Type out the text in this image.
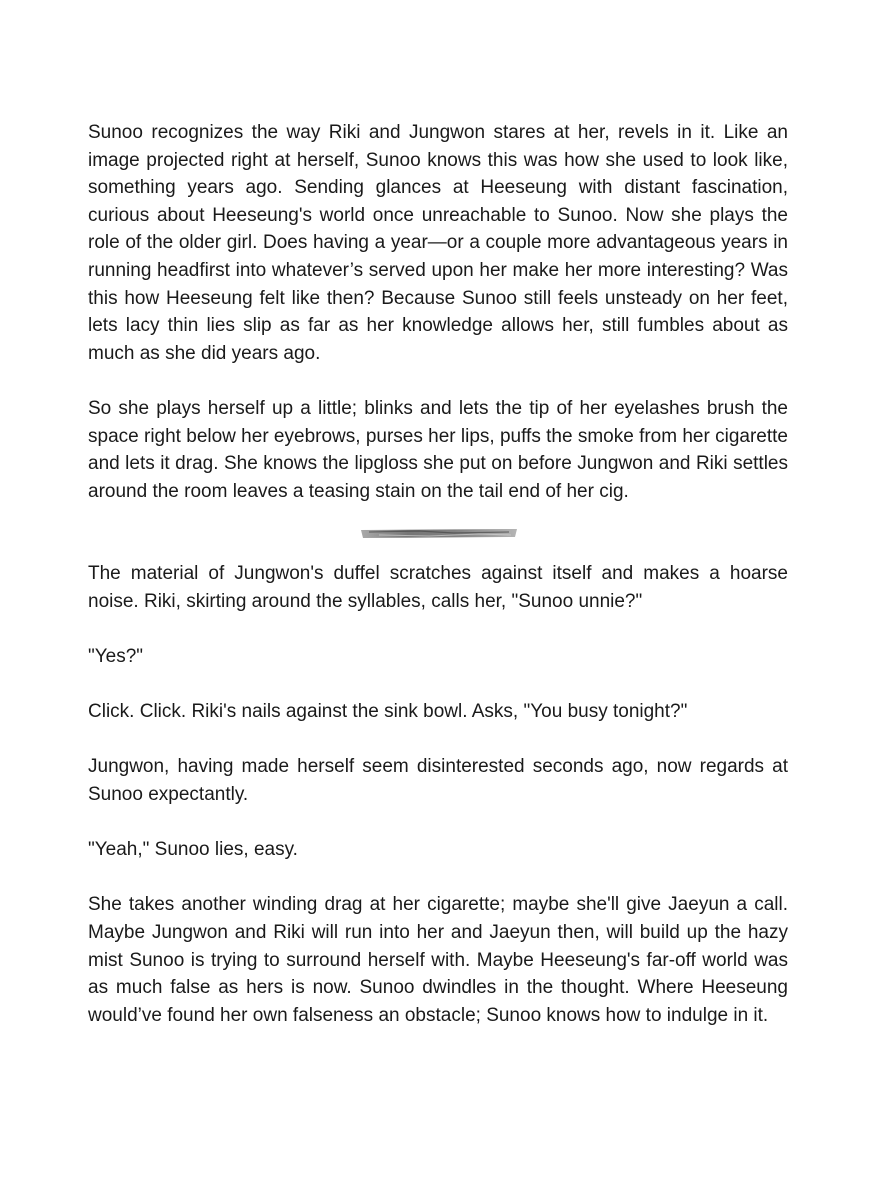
Sunoo recognizes the way Riki and Jungwon stares at her, revels in it. Like an image projected right at herself, Sunoo knows this was how she used to look like, something years ago. Sending glances at Heeseung with distant fascination, curious about Heeseung's world once unreachable to Sunoo. Now she plays the role of the older girl. Does having a year—or a couple more advantageous years in running headfirst into whatever’s served upon her make her more interesting? Was this how Heeseung felt like then? Because Sunoo still feels unsteady on her feet, lets lacy thin lies slip as far as her knowledge allows her, still fumbles about as much as she did years ago.

So she plays herself up a little; blinks and lets the tip of her eyelashes brush the space right below her eyebrows, purses her lips, puffs the smoke from her cigarette and lets it drag. She knows the lipgloss she put on before Jungwon and Riki settles around the room leaves a teasing stain on the tail end of her cig.

The material of Jungwon's duffel scratches against itself and makes a hoarse noise. Riki, skirting around the syllables, calls her, "Sunoo unnie?"

"Yes?"

Click. Click. Riki's nails against the sink bowl. Asks, "You busy tonight?"

Jungwon, having made herself seem disinterested seconds ago, now regards at Sunoo expectantly.

"Yeah," Sunoo lies, easy.

She takes another winding drag at her cigarette; maybe she'll give Jaeyun a call. Maybe Jungwon and Riki will run into her and Jaeyun then, will build up the hazy mist Sunoo is trying to surround herself with. Maybe Heeseung's far-off world was as much false as hers is now. Sunoo dwindles in the thought. Where Heeseung would’ve found her own falseness an obstacle; Sunoo knows how to indulge in it.
